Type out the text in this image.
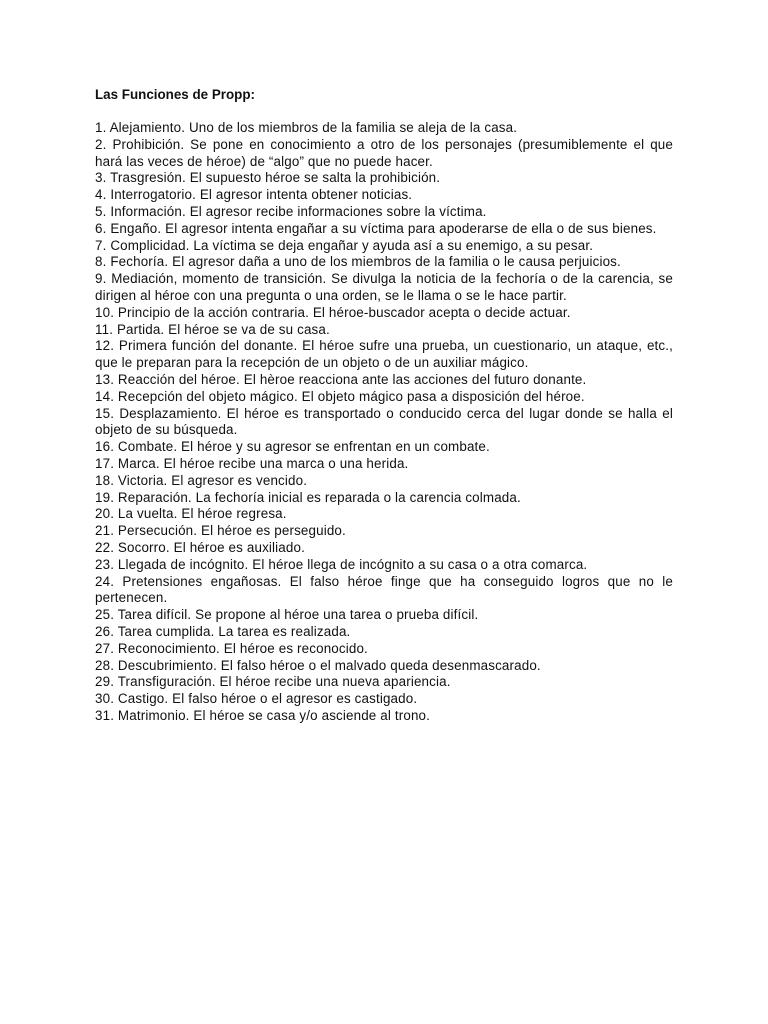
Las Funciones de Propp:

1. Alejamiento. Uno de los miembros de la familia se aleja de la casa.

2. Prohibición. Se pone en conocimiento a otro de los personajes (presumiblemente el que hará las veces de héroe) de “algo” que no puede hacer.

3. Trasgresión. El supuesto héroe se salta la prohibición.

4. Interrogatorio. El agresor intenta obtener noticias.

5. Información. El agresor recibe informaciones sobre la víctima.

6. Engaño. El agresor intenta engañar a su víctima para apoderarse de ella o de sus bienes.

7. Complicidad. La víctima se deja engañar y ayuda así a su enemigo, a su pesar.

8. Fechoría. El agresor daña a uno de los miembros de la familia o le causa perjuicios.

9. Mediación, momento de transición. Se divulga la noticia de la fechoría o de la carencia, se dirigen al héroe con una pregunta o una orden, se le llama o se le hace partir.

10. Principio de la acción contraria. El héroe-buscador acepta o decide actuar.

11. Partida. El héroe se va de su casa.

12. Primera función del donante. El héroe sufre una prueba, un cuestionario, un ataque, etc., que le preparan para la recepción de un objeto o de un auxiliar mágico.

13. Reacción del héroe. El hèroe reacciona ante las acciones del futuro donante.

14. Recepción del objeto mágico. El objeto mágico pasa a disposición del héroe.

15. Desplazamiento. El héroe es transportado o conducido cerca del lugar donde se halla el objeto de su búsqueda.

16. Combate. El héroe y su agresor se enfrentan en un combate.

17. Marca. El héroe recibe una marca o una herida.

18. Victoria. El agresor es vencido.

19. Reparación. La fechoría inicial es reparada o la carencia colmada.

20. La vuelta. El héroe regresa.

21. Persecución. El héroe es perseguido.

22. Socorro. El héroe es auxiliado.

23. Llegada de incógnito. El héroe llega de incógnito a su casa o a otra comarca.

24. Pretensiones engañosas. El falso héroe finge que ha conseguido logros que no le pertenecen.

25. Tarea difícil. Se propone al héroe una tarea o prueba difícil.

26. Tarea cumplida. La tarea es realizada.

27. Reconocimiento. El héroe es reconocido.

28. Descubrimiento. El falso héroe o el malvado queda desenmascarado.

29. Transfiguración. El héroe recibe una nueva apariencia.

30. Castigo. El falso héroe o el agresor es castigado.

31. Matrimonio. El héroe se casa y/o asciende al trono.
